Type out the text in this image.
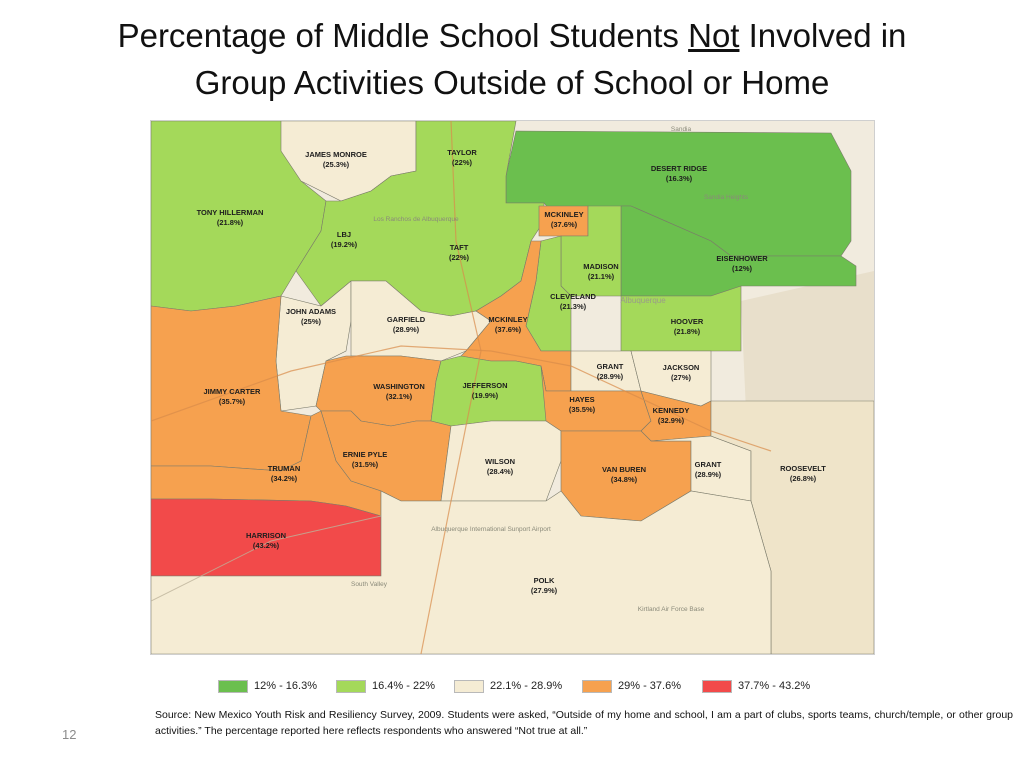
Percentage of Middle School Students Not Involved in
Group Activities Outside of School or Home
Sandia
Sandia Heights
Los Ranchos de Albuquerque
Albuquerque
South Valley
Albuquerque International Sunport Airport
Kirtland Air Force Base
JAMES MONROE
(25.3%)
TAYLOR
(22%)
DESERT RIDGE
(16.3%)
TONY HILLERMAN
(21.8%)
LBJ
(19.2%)
MCKINLEY
(37.6%)
TAFT
(22%)
MADISON
(21.1%)
EISENHOWER
(12%)
CLEVELAND
(21.3%)
JOHN ADAMS
(25%)	GARFIELD
(28.9%)
MCKINLEY
(37.6%)
HOOVER
(21.8%)
GRANT
(28.9%)
JACKSON
(27%)
JIMMY CARTER
(35.7%)
WASHINGTON
(32.1%)
JEFFERSON
(19.9%)	HAYES
(35.5%)	KENNEDY
(32.9%)
ERNIE PYLE
(31.5%)
TRUMAN
(34.2%)
WILSON
(28.4%)	VAN BUREN
(34.8%)
GRANT
(28.9%)
ROOSEVELT
(26.8%)
HARRISON
(43.2%)
POLK
(27.9%)
12% - 16.3%	16.4% - 22%	22.1% - 28.9%	29% - 37.6%	37.7% - 43.2%
Source: New Mexico Youth Risk and Resiliency Survey, 2009. Students were asked, “Outside of my home and school, I am a part of clubs, sports teams, church/temple, or other group activities.” The percentage reported here reflects respondents who answered “Not true at all.”
12
